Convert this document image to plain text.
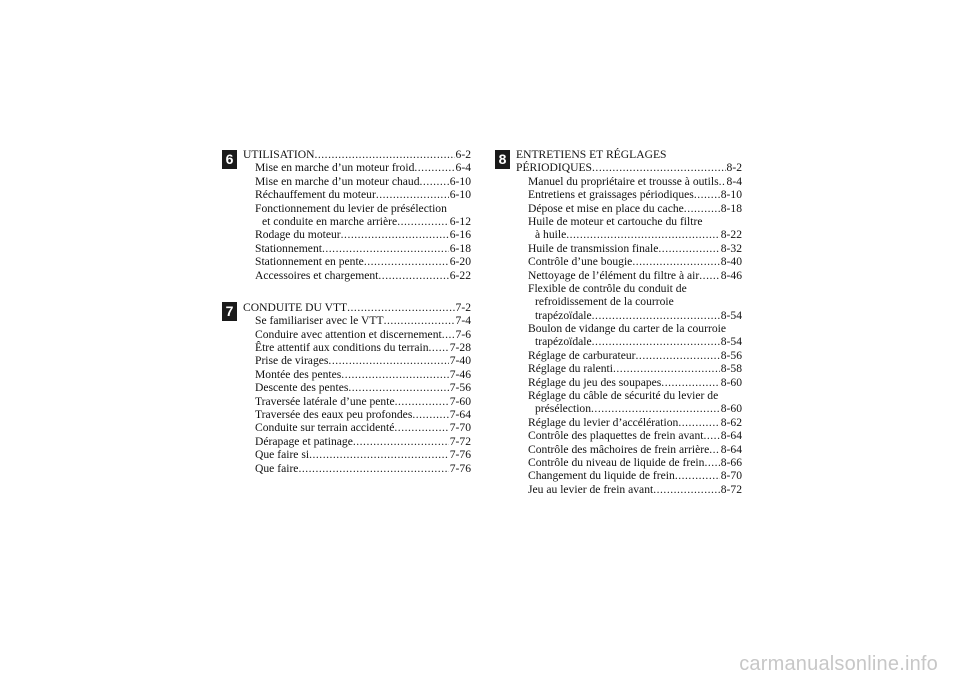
6
7
8
UTILISATION .....	6-2
Mise en marche d’un moteur froid .....	6-4
Mise en marche d’un moteur chaud .....	6-10
Réchauffement du moteur .....	6-10
Fonctionnement du levier de présélection
et conduite en marche arrière .....	6-12
Rodage du moteur .....	6-16
Stationnement .....	6-18
Stationnement en pente .....	6-20
Accessoires et chargement .....	6-22
CONDUITE DU VTT .....	7-2
Se familiariser avec le VTT .....	7-4
Conduire avec attention et discernement ..... 7-6
Être attentif aux conditions du terrain ..... 7-28
Prise de virages .....	7-40
Montée des pentes .....	7-46
Descente des pentes .....	7-56
Traversée latérale d’une pente .....	7-60
Traversée des eaux peu profondes .....	7-64
Conduite sur terrain accidenté .....	7-70
Dérapage et patinage .....	7-72
Que faire si .....	7-76
Que faire .....	7-76
ENTRETIENS ET RÉGLAGES
PÉRIODIQUES .....	8-2
Manuel du propriétaire et trousse à outils ..... 8-4
Entretiens et graissages périodiques ..... 8-10
Dépose et mise en place du cache .....	8-18
Huile de moteur et cartouche du filtre
à huile .....	8-22
Huile de transmission finale .....	8-32
Contrôle d’une bougie .....	8-40
Nettoyage de l’élément du filtre à air ..... 8-46
Flexible de contrôle du conduit de
refroidissement de la courroie
trapézoïdale .....	8-54
Boulon de vidange du carter de la courroie
trapézoïdale .....	8-54
Réglage de carburateur .....	8-56
Réglage du ralenti .....	8-58
Réglage du jeu des soupapes .....	8-60
Réglage du câble de sécurité du levier de
présélection .....	8-60
Réglage du levier d’accélération .....	8-62
Contrôle des plaquettes de frein avant ..... 8-64
Contrôle des mâchoires de frein arrière ..... 8-64
Contrôle du niveau de liquide de frein ..... 8-66
Changement du liquide de frein .....	8-70
Jeu au levier de frein avant .....	8-72
carmanualsonline.info
